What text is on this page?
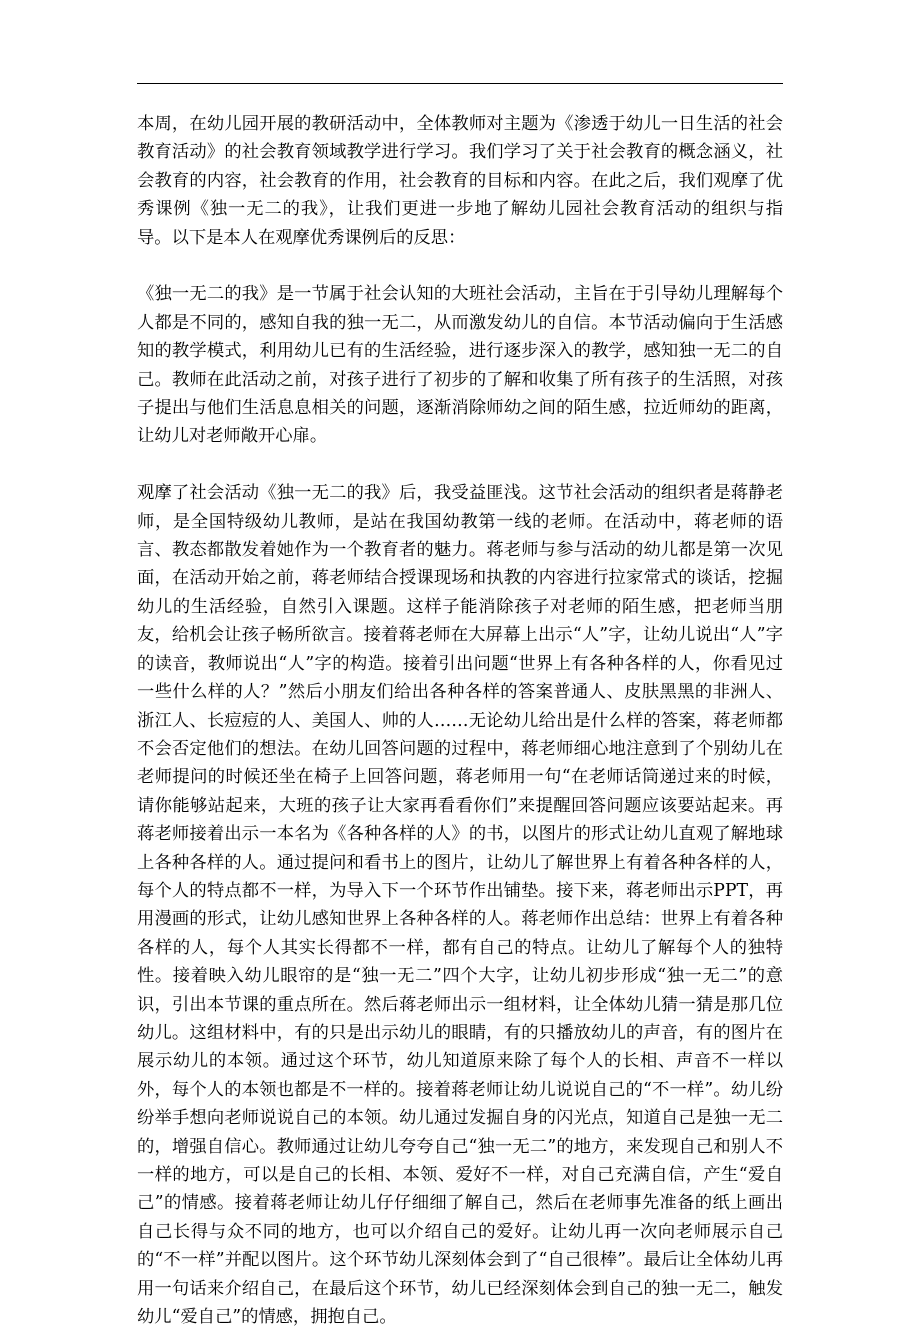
本周，在幼儿园开展的教研活动中，全体教师对主题为《渗透于幼儿一日生活的社会教育活动》的社会教育领域教学进行学习。我们学习了关于社会教育的概念涵义，社会教育的内容，社会教育的作用，社会教育的目标和内容。在此之后，我们观摩了优秀课例《独一无二的我》，让我们更进一步地了解幼儿园社会教育活动的组织与指导。以下是本人在观摩优秀课例后的反思：

《独一无二的我》是一节属于社会认知的大班社会活动，主旨在于引导幼儿理解每个人都是不同的，感知自我的独一无二，从而激发幼儿的自信。本节活动偏向于生活感知的教学模式，利用幼儿已有的生活经验，进行逐步深入的教学，感知独一无二的自己。教师在此活动之前，对孩子进行了初步的了解和收集了所有孩子的生活照，对孩子提出与他们生活息息相关的问题，逐渐消除师幼之间的陌生感，拉近师幼的距离，让幼儿对老师敞开心扉。

观摩了社会活动《独一无二的我》后，我受益匪浅。这节社会活动的组织者是蒋静老师，是全国特级幼儿教师，是站在我国幼教第一线的老师。在活动中，蒋老师的语言、教态都散发着她作为一个教育者的魅力。蒋老师与参与活动的幼儿都是第一次见面，在活动开始之前，蒋老师结合授课现场和执教的内容进行拉家常式的谈话，挖掘幼儿的生活经验，自然引入课题。这样子能消除孩子对老师的陌生感，把老师当朋友，给机会让孩子畅所欲言。接着蒋老师在大屏幕上出示“人”字，让幼儿说出“人”字的读音，教师说出“人”字的构造。接着引出问题“世界上有各种各样的人，你看见过一些什么样的人？”然后小朋友们给出各种各样的答案普通人、皮肤黑黑的非洲人、浙江人、长痘痘的人、美国人、帅的人……无论幼儿给出是什么样的答案，蒋老师都不会否定他们的想法。在幼儿回答问题的过程中，蒋老师细心地注意到了个别幼儿在老师提问的时候还坐在椅子上回答问题，蒋老师用一句“在老师话筒递过来的时候，请你能够站起来，大班的孩子让大家再看看你们”来提醒回答问题应该要站起来。再蒋老师接着出示一本名为《各种各样的人》的书，以图片的形式让幼儿直观了解地球上各种各样的人。通过提问和看书上的图片，让幼儿了解世界上有着各种各样的人，每个人的特点都不一样，为导入下一个环节作出铺垫。接下来，蒋老师出示PPT，再用漫画的形式，让幼儿感知世界上各种各样的人。蒋老师作出总结：世界上有着各种各样的人，每个人其实长得都不一样，都有自己的特点。让幼儿了解每个人的独特性。接着映入幼儿眼帘的是“独一无二”四个大字，让幼儿初步形成“独一无二”的意识，引出本节课的重点所在。然后蒋老师出示一组材料，让全体幼儿猜一猜是那几位幼儿。这组材料中，有的只是出示幼儿的眼睛，有的只播放幼儿的声音，有的图片在展示幼儿的本领。通过这个环节，幼儿知道原来除了每个人的长相、声音不一样以外，每个人的本领也都是不一样的。接着蒋老师让幼儿说说自己的“不一样”。幼儿纷纷举手想向老师说说自己的本领。幼儿通过发掘自身的闪光点，知道自己是独一无二的，增强自信心。教师通过让幼儿夸夸自己“独一无二”的地方，来发现自己和别人不一样的地方，可以是自己的长相、本领、爱好不一样，对自己充满自信，产生“爱自己”的情感。接着蒋老师让幼儿仔仔细细了解自己，然后在老师事先准备的纸上画出自己长得与众不同的地方，也可以介绍自己的爱好。让幼儿再一次向老师展示自己的“不一样”并配以图片。这个环节幼儿深刻体会到了“自己很棒”。最后让全体幼儿再用一句话来介绍自己，在最后这个环节，幼儿已经深刻体会到自己的独一无二，触发幼儿“爱自己”的情感，拥抱自己。
